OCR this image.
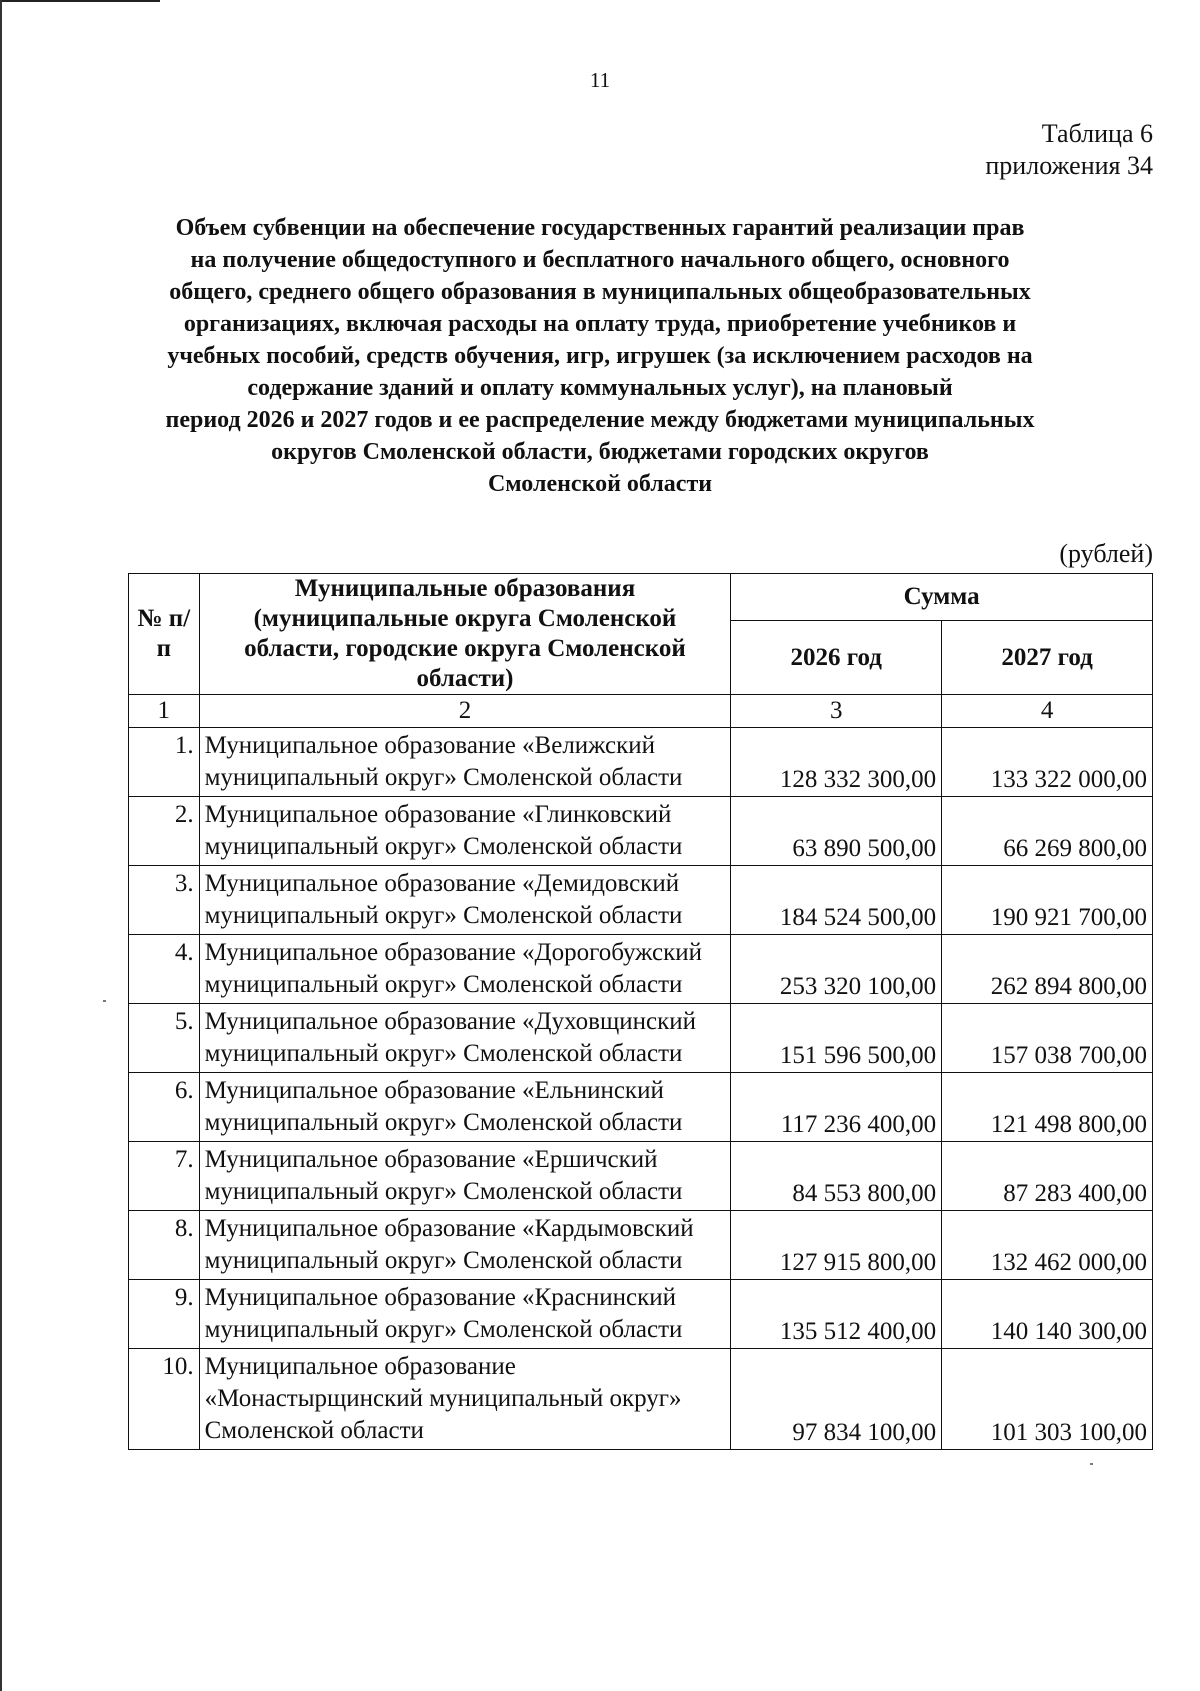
11
Таблица 6
приложения 34
Объем субвенции на обеспечение государственных гарантий реализации прав
на получение общедоступного и бесплатного начального общего, основного
общего, среднего общего образования в муниципальных общеобразовательных
организациях, включая расходы на оплату труда, приобретение учебников и
учебных пособий, средств обучения, игр, игрушек (за исключением расходов на
содержание зданий и оплату коммунальных услуг), на плановый
период 2026 и 2027 годов и ее распределение между бюджетами муниципальных
округов Смоленской области, бюджетами городских округов
Смоленской области
(рублей)
№ п/п	Муниципальные образования (муниципальные округа Смоленской области, городские округа Смоленской области)	Сумма	
		2026 год	2027 год
1	2	3	4
1.	Муниципальное образование «Велижский муниципальный округ» Смоленской области	128 332 300,00	133 322 000,00
2.	Муниципальное образование «Глинковский муниципальный округ» Смоленской области	63 890 500,00	66 269 800,00
3.	Муниципальное образование «Демидовский муниципальный округ» Смоленской области	184 524 500,00	190 921 700,00
4.	Муниципальное образование «Дорогобужский муниципальный округ» Смоленской области	253 320 100,00	262 894 800,00
5.	Муниципальное образование «Духовщинский муниципальный округ» Смоленской области	151 596 500,00	157 038 700,00
6.	Муниципальное образование «Ельнинский муниципальный округ» Смоленской области	117 236 400,00	121 498 800,00
7.	Муниципальное образование «Ершичский муниципальный округ» Смоленской области	84 553 800,00	87 283 400,00
8.	Муниципальное образование «Кардымовский муниципальный округ» Смоленской области	127 915 800,00	132 462 000,00
9.	Муниципальное образование «Краснинский муниципальный округ» Смоленской области	135 512 400,00	140 140 300,00
10.	Муниципальное образование «Монастырщинский муниципальный округ» Смоленской области	97 834 100,00	101 303 100,00
